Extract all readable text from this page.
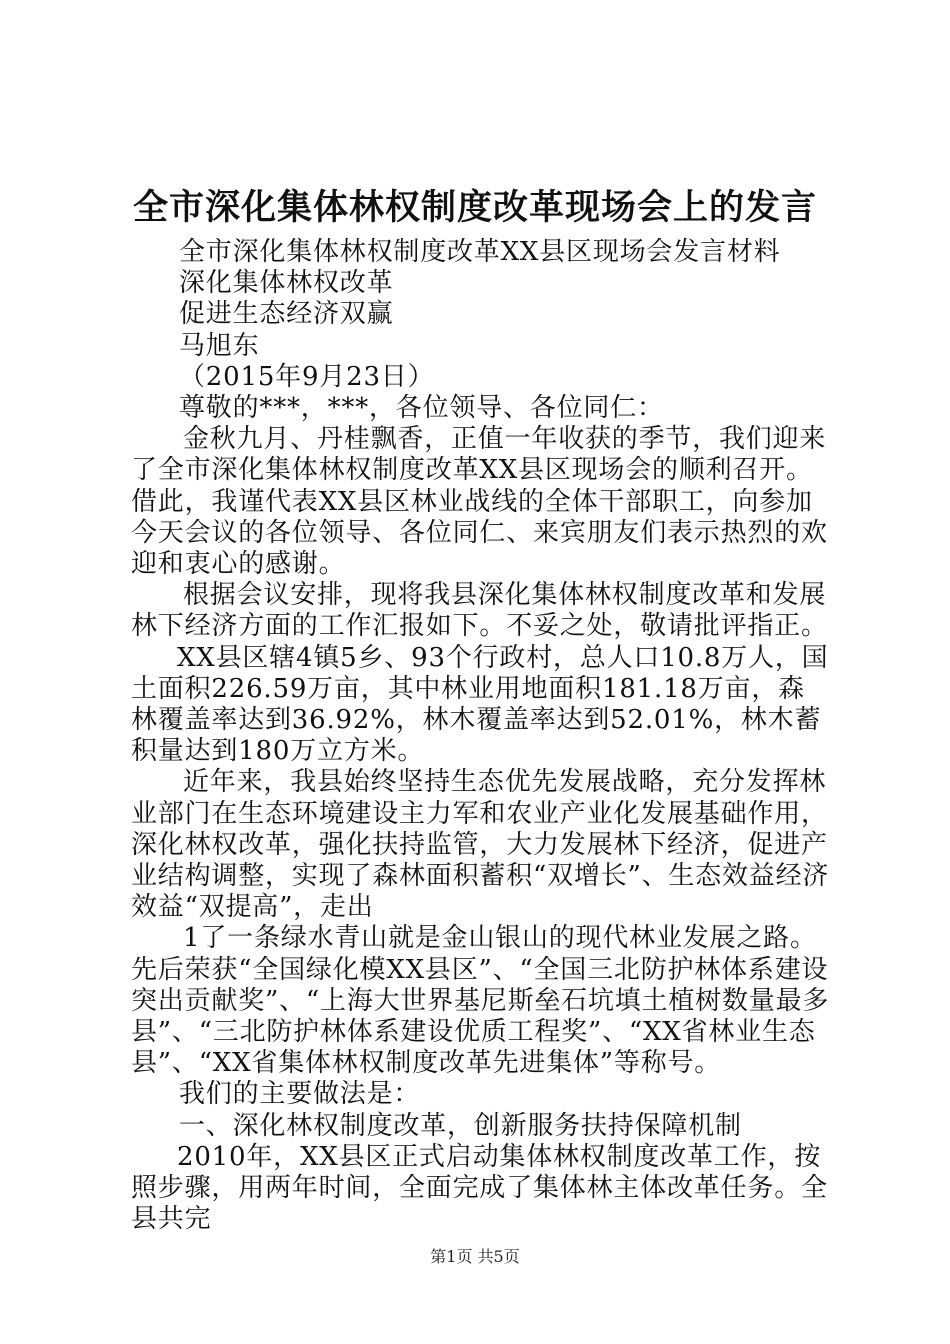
全市深化集体林权制度改革现场会上的发言

全市深化集体林权制度改革XX县区现场会发言材料

深化集体林权改革

促进生态经济双赢

马旭东

（2015年9月23日）

尊敬的***，***，各位领导、各位同仁：

金秋九月、丹桂飘香，正值一年收获的季节，我们迎来了全市深化集体林权制度改革XX县区现场会的顺利召开。借此，我谨代表XX县区林业战线的全体干部职工，向参加今天会议的各位领导、各位同仁、来宾朋友们表示热烈的欢迎和衷心的感谢。

根据会议安排，现将我县深化集体林权制度改革和发展林下经济方面的工作汇报如下。不妥之处，敬请批评指正。

XX县区辖4镇5乡、93个行政村，总人口10.8万人，国土面积226.59万亩，其中林业用地面积181.18万亩，森林覆盖率达到36.92%，林木覆盖率达到52.01%，林木蓄积量达到180万立方米。

近年来，我县始终坚持生态优先发展战略，充分发挥林业部门在生态环境建设主力军和农业产业化发展基础作用，深化林权改革，强化扶持监管，大力发展林下经济，促进产业结构调整，实现了森林面积蓄积“双增长”、生态效益经济效益“双提高”，走出

1了一条绿水青山就是金山银山的现代林业发展之路。先后荣获“全国绿化模XX县区”、“全国三北防护林体系建设突出贡献奖”、“上海大世界基尼斯垒石坑填土植树数量最多县”、“三北防护林体系建设优质工程奖”、“XX省林业生态县”、“XX省集体林权制度改革先进集体”等称号。

我们的主要做法是：

一、深化林权制度改革，创新服务扶持保障机制

2010年，XX县区正式启动集体林权制度改革工作，按照步骤，用两年时间，全面完成了集体林主体改革任务。全县共完

第1页 共5页
